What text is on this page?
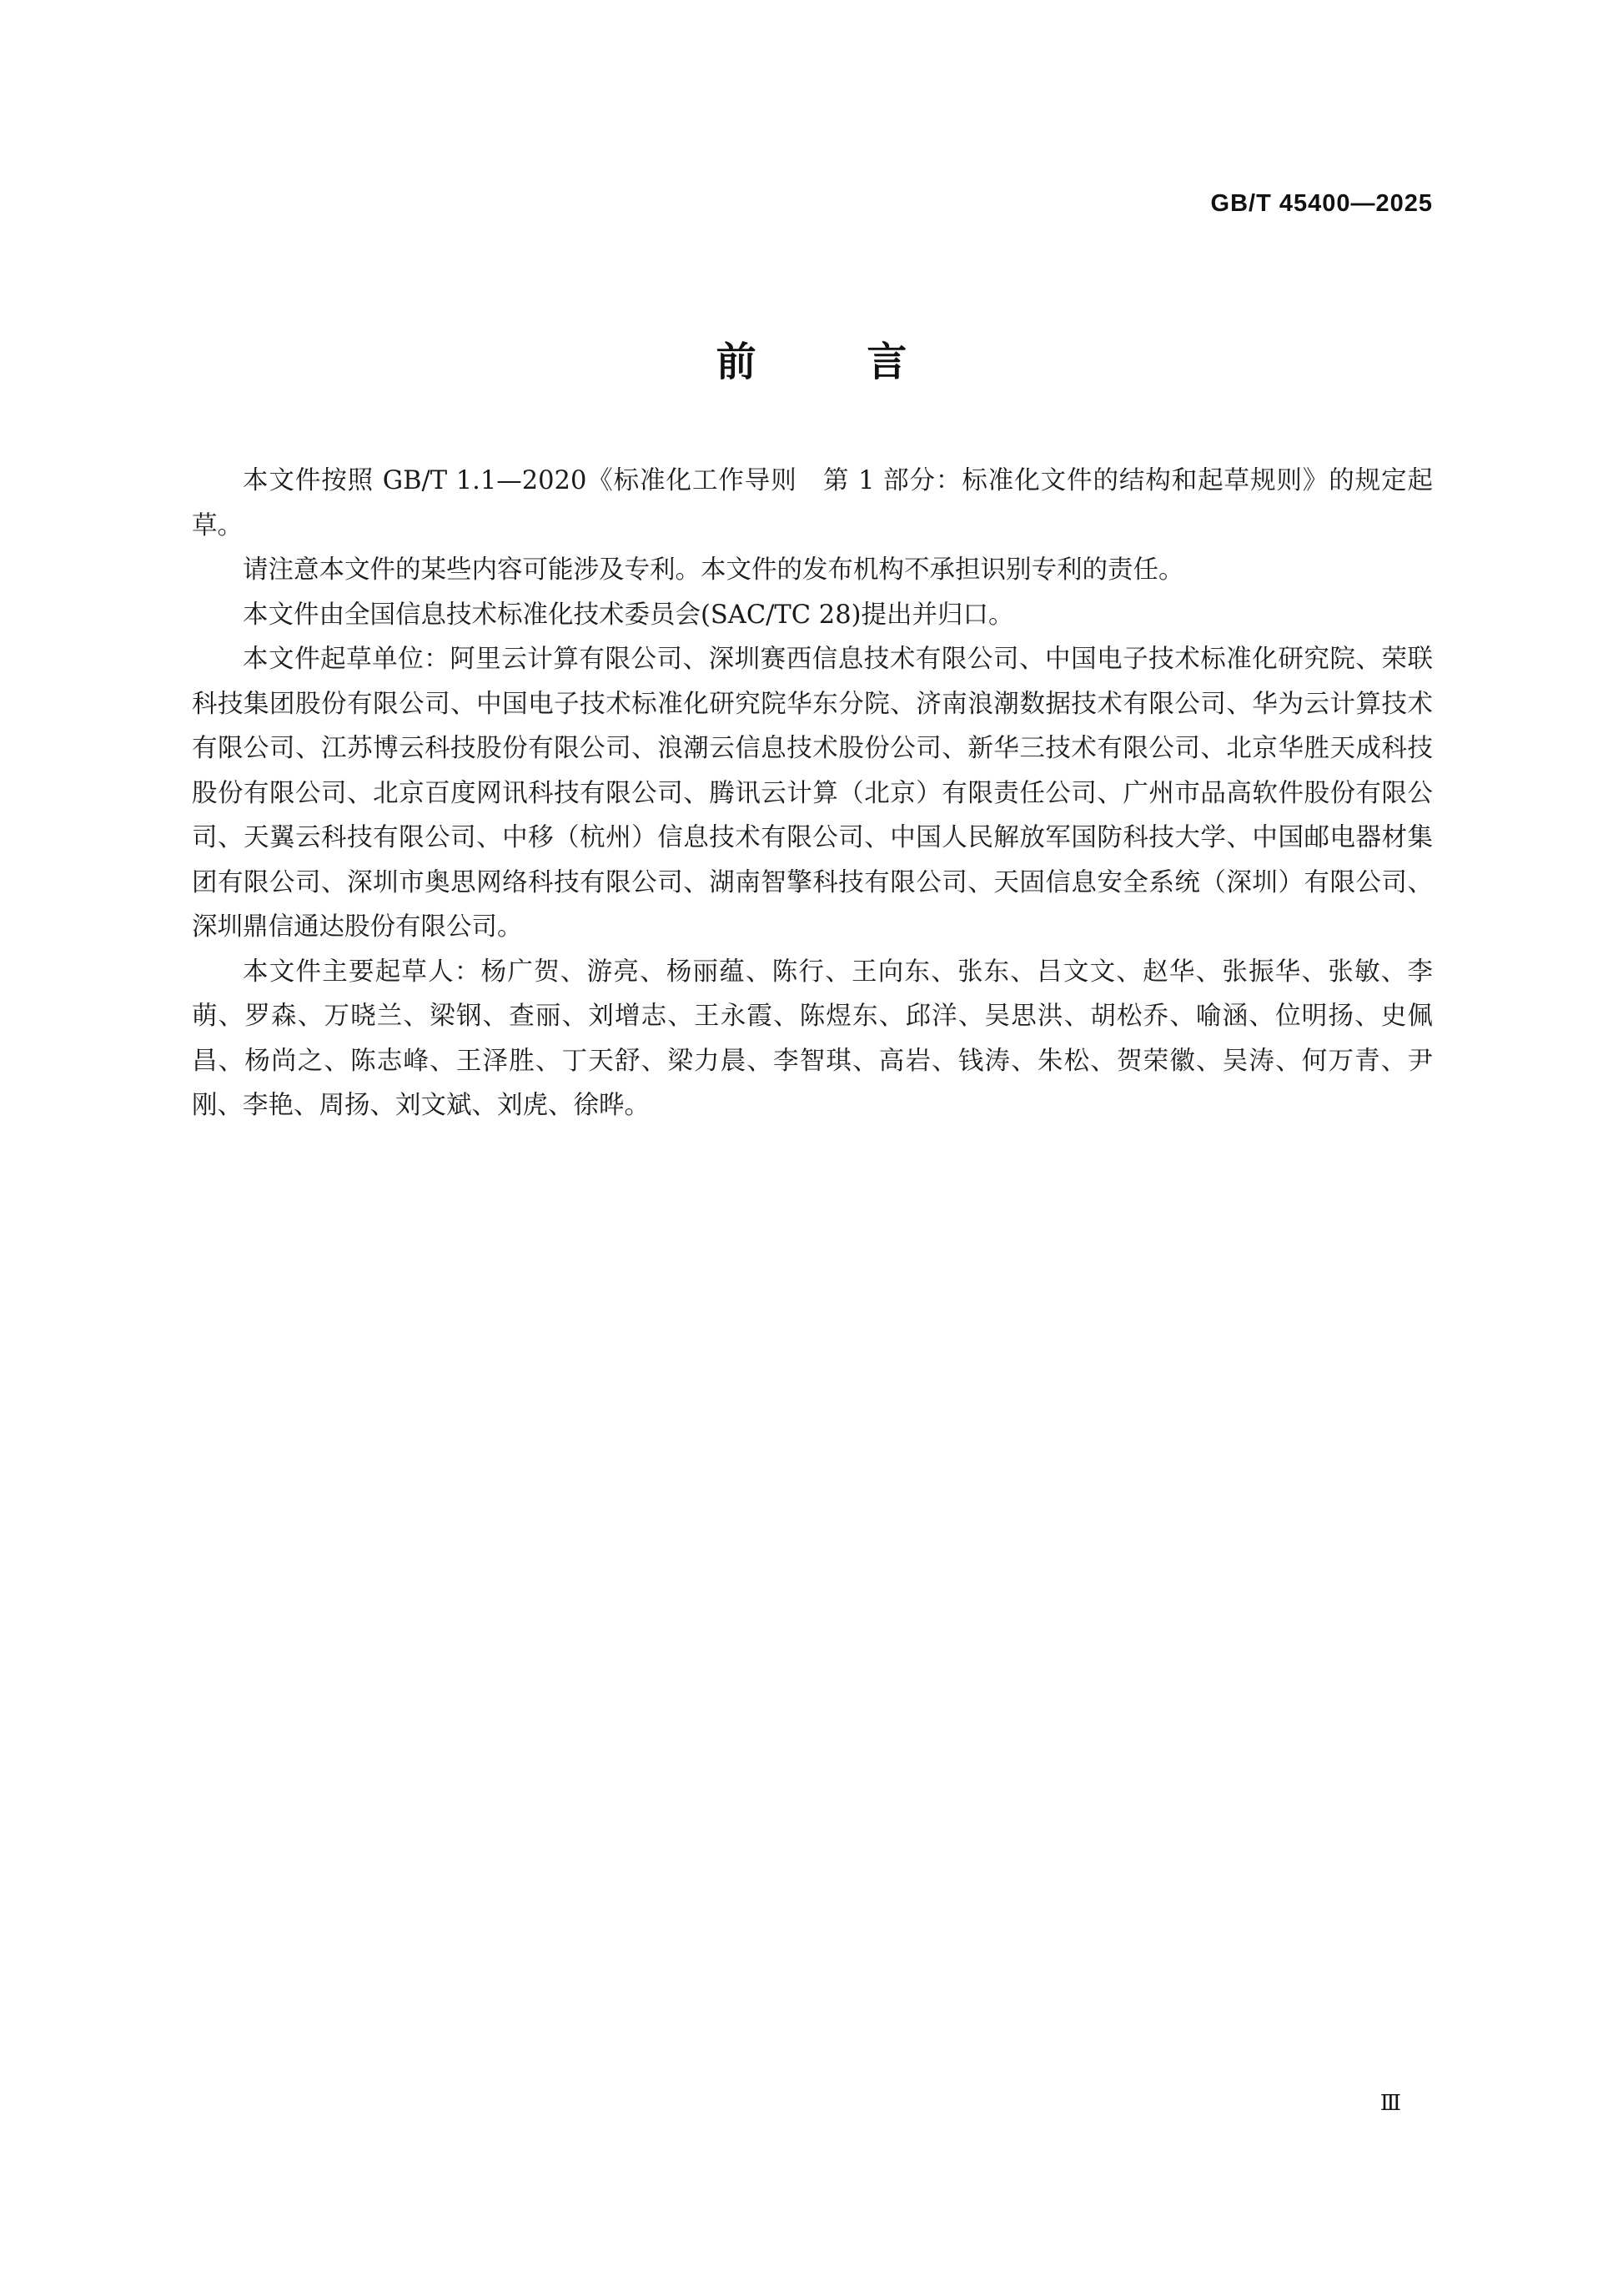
GB/T 45400—2025
前 言

本文件按照 GB/T 1.1—2020《标准化工作导则　第 1 部分：标准化文件的结构和起草规则》的规定起草。

请注意本文件的某些内容可能涉及专利。本文件的发布机构不承担识别专利的责任。

本文件由全国信息技术标准化技术委员会(SAC/TC 28)提出并归口。

本文件起草单位：阿里云计算有限公司、深圳赛西信息技术有限公司、中国电子技术标准化研究院、荣联科技集团股份有限公司、中国电子技术标准化研究院华东分院、济南浪潮数据技术有限公司、华为云计算技术有限公司、江苏博云科技股份有限公司、浪潮云信息技术股份公司、新华三技术有限公司、北京华胜天成科技股份有限公司、北京百度网讯科技有限公司、腾讯云计算（北京）有限责任公司、广州市品高软件股份有限公司、天翼云科技有限公司、中移（杭州）信息技术有限公司、中国人民解放军国防科技大学、中国邮电器材集团有限公司、深圳市奥思网络科技有限公司、湖南智擎科技有限公司、天固信息安全系统（深圳）有限公司、深圳鼎信通达股份有限公司。

本文件主要起草人：杨广贺、游亮、杨丽蕴、陈行、王向东、张东、吕文文、赵华、张振华、张敏、李萌、罗森、万晓兰、梁钢、查丽、刘增志、王永霞、陈煜东、邱洋、吴思洪、胡松乔、喻涵、位明扬、史佩昌、杨尚之、陈志峰、王泽胜、丁天舒、梁力晨、李智琪、高岩、钱涛、朱松、贺荣徽、吴涛、何万青、尹刚、李艳、周扬、刘文斌、刘虎、徐晔。

Ⅲ
